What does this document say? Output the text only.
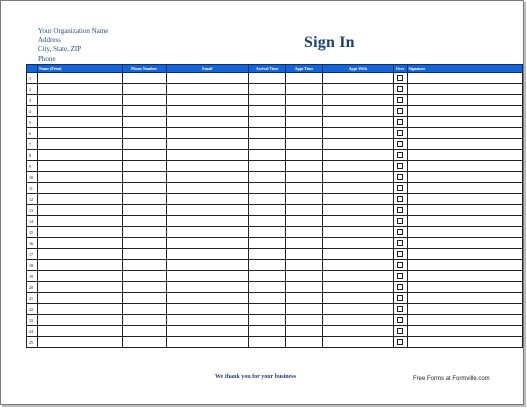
Your Organization Name
Address
City, State, ZIP
Phone
Sign In
	Name (Print)	Phone Number	Email	Arrival Time	Appt Time	Appt With	Over	Signature
1								
2								
3								
4								
5								
6								
7								
8								
9								
10								
11								
12								
13								
14								
15								
16								
17								
18								
19								
20								
21								
22								
23								
24								
25								
We thank you for your business	Free Forms at Formville.com
